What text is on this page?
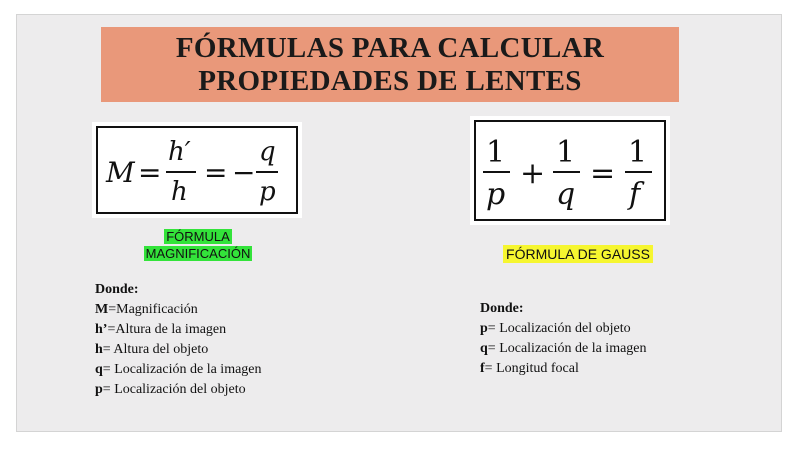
FÓRMULAS PARA CALCULAR
PROPIEDADES DE LENTES
M =
h′
h
= −
q
p
1
p
+
1
q
=
1
f
FÓRMULA
MAGNIFICACIÓN	FÓRMULA DE GAUSS
Donde:
M=Magnificación
h’=Altura de la imagen
h= Altura del objeto
q= Localización de la imagen
p= Localización del objeto
Donde:
p= Localización del objeto
q= Localización de la imagen
f= Longitud focal
